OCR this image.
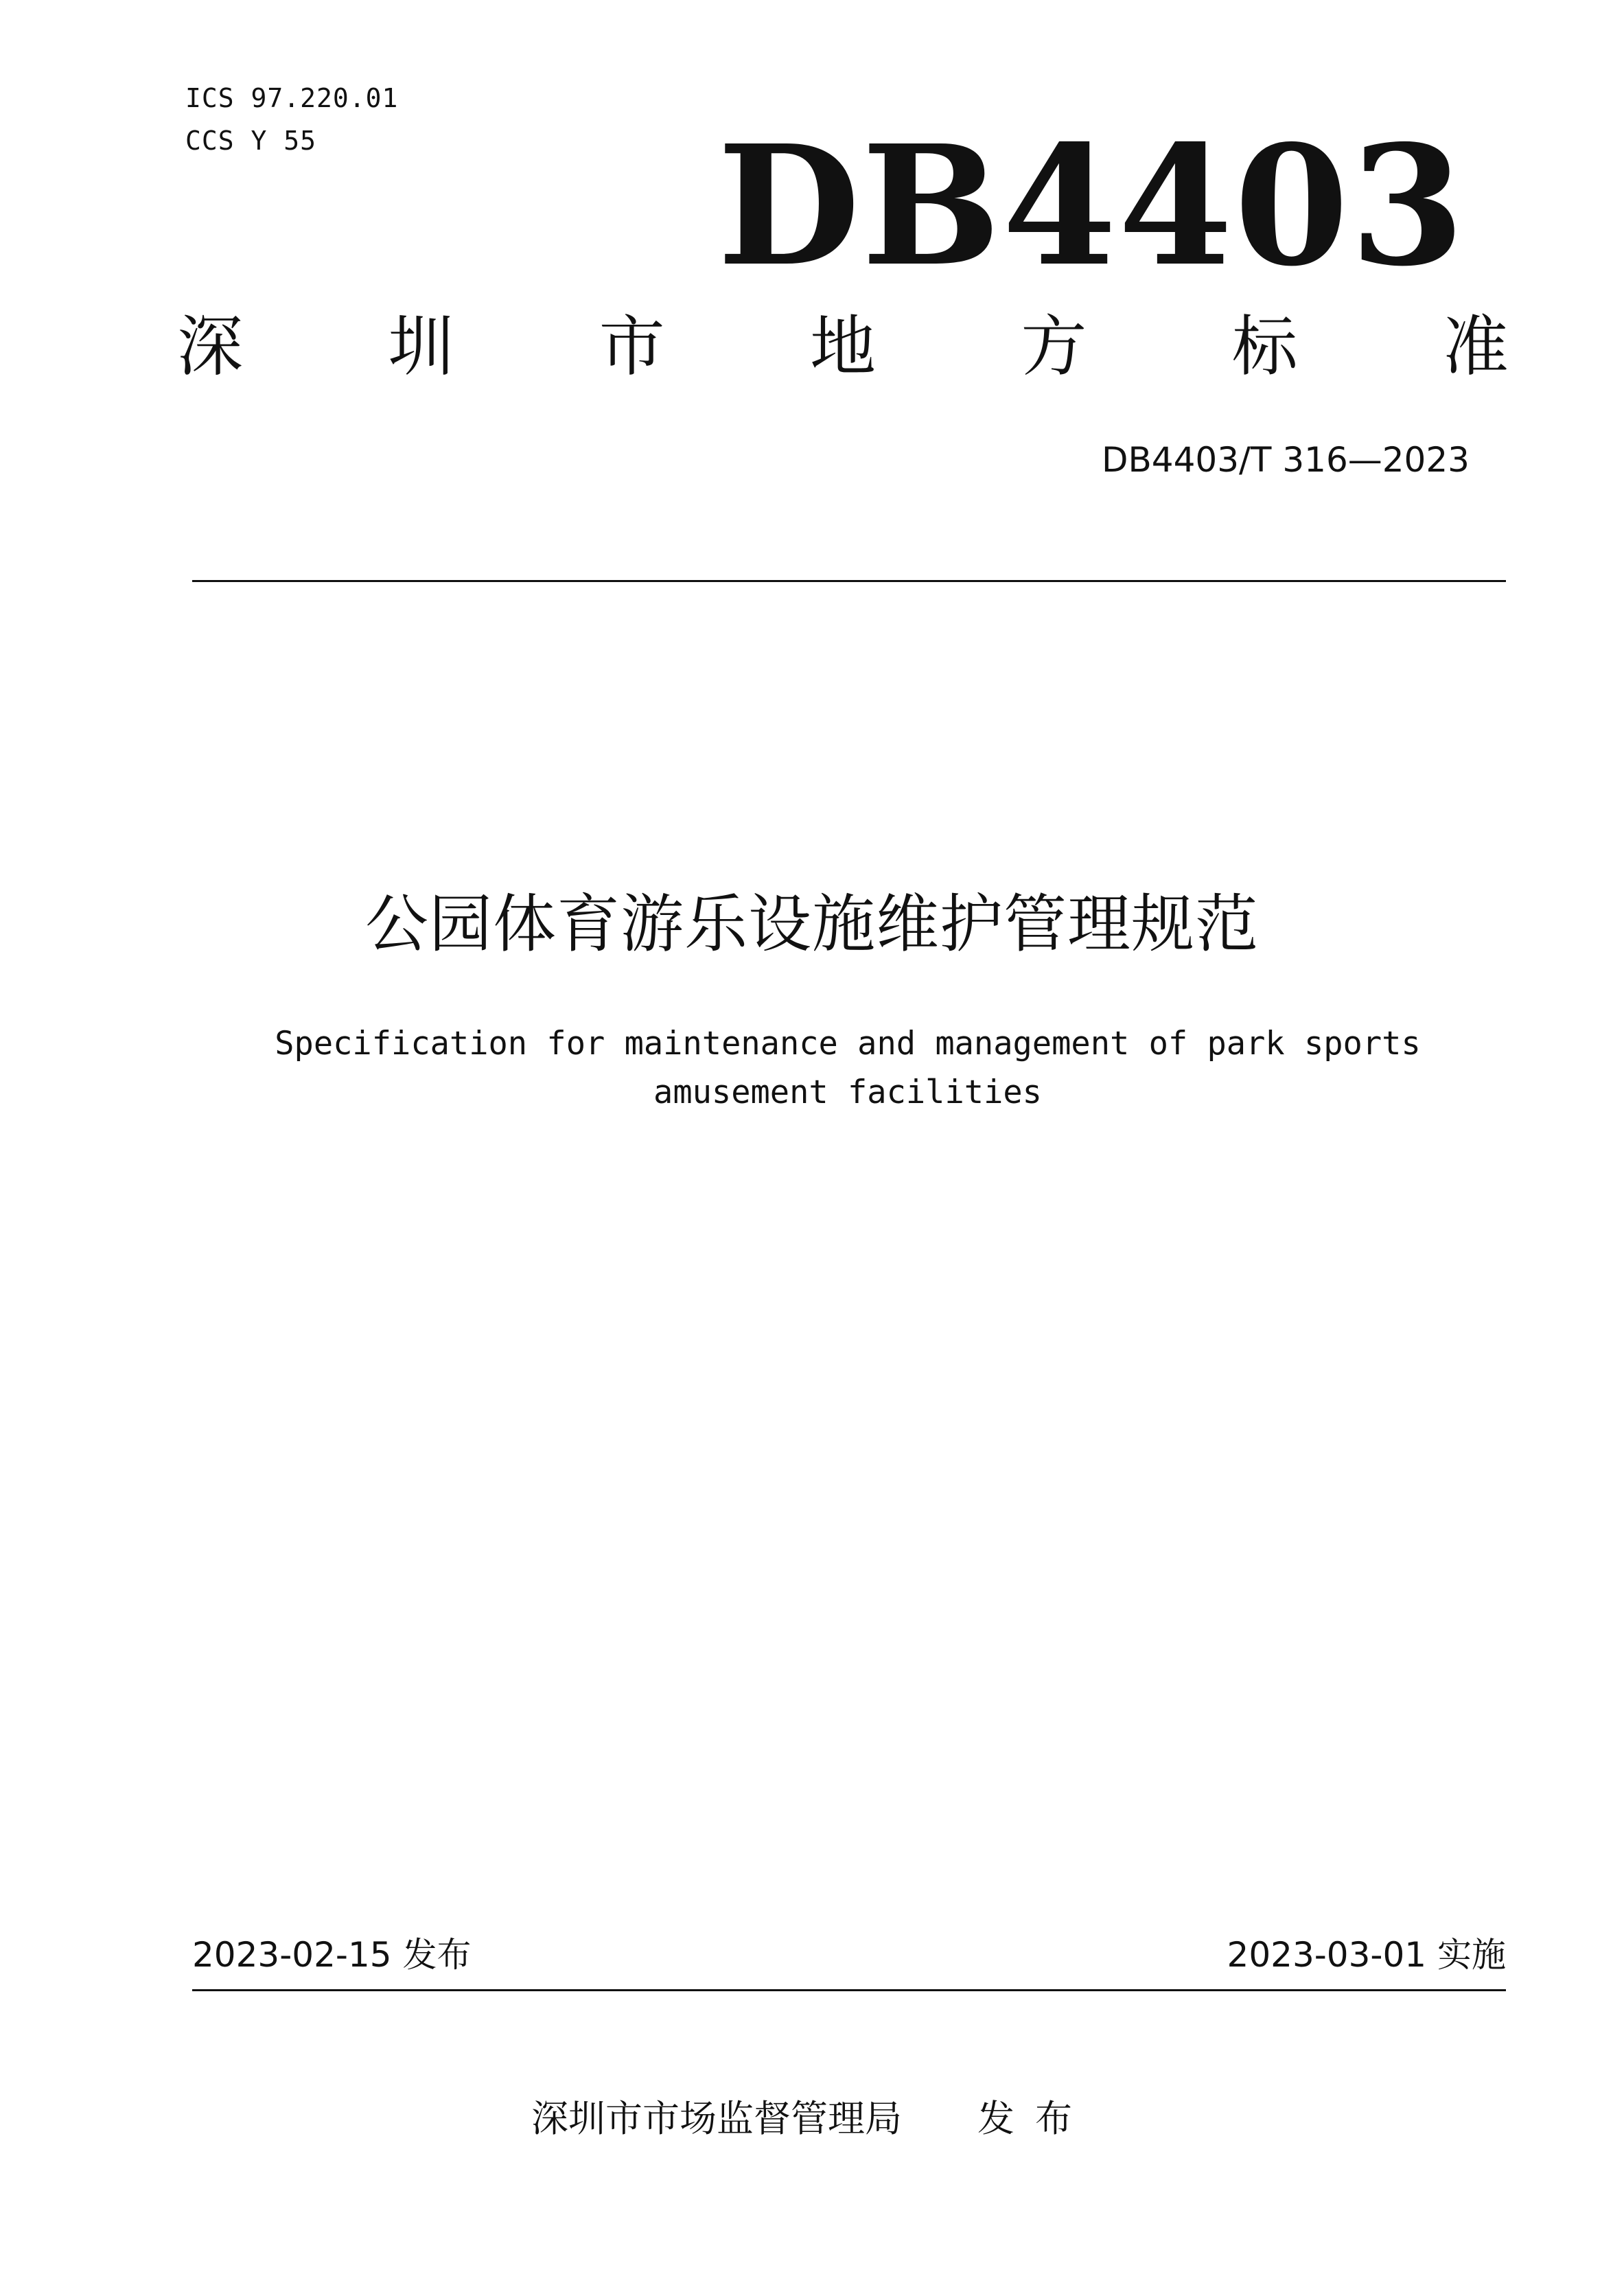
ICS 97.220.01
CCS Y 55	DB4403
深 圳 市 地 方 标 准
DB4403/T 316—2023
公园体育游乐设施维护管理规范
Specification for maintenance and management of park sports amusement facilities
2023-02-15 发布	2023-03-01 实施
深圳市市场监督管理局 发布
